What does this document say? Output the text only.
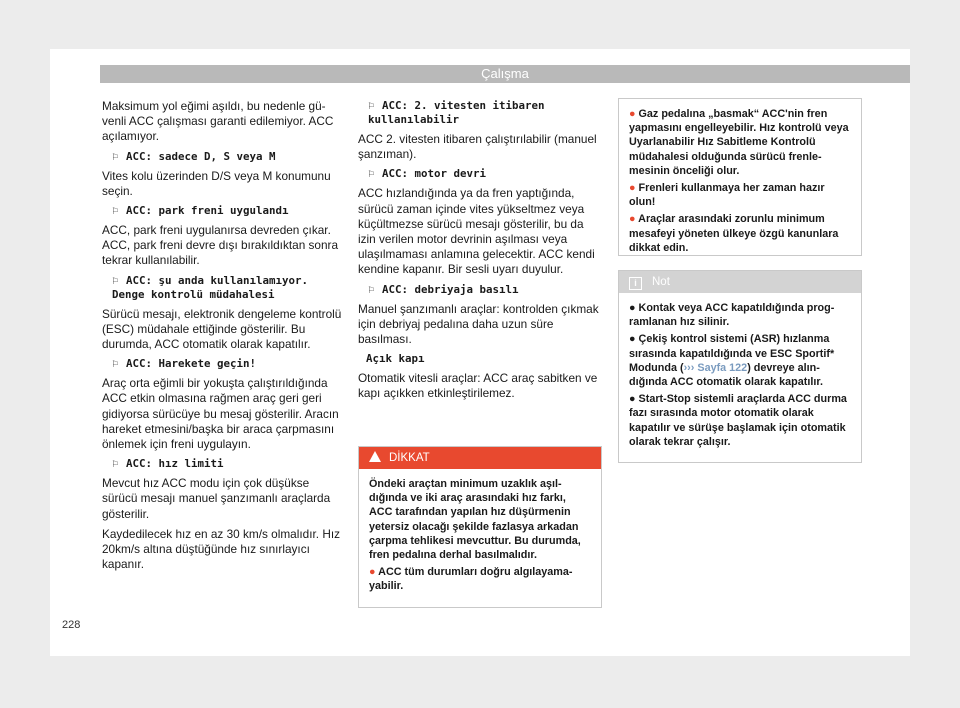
Çalışma

Maksimum yol eğimi aşıldı, bu nedenle güvenli ACC çalışması garanti edilemiyor. ACC açılamıyor.

⚐ ACC: sadece D, S veya M

Vites kolu üzerinden D/S veya M konumunu seçin.

⚐ ACC: park freni uygulandı

ACC, park freni uygulanırsa devreden çıkar. ACC, park freni devre dışı bırakıldıktan sonra tekrar kullanılabilir.

⚐ ACC: şu anda kullanılamıyor. Denge kontrolü müdahalesi

Sürücü mesajı, elektronik dengeleme kontrolü (ESC) müdahale ettiğinde gösterilir. Bu durumda, ACC otomatik olarak kapatılır.

⚐ ACC: Harekete geçin!

Araç orta eğimli bir yokuşta çalıştırıldığında ACC etkin olmasına rağmen araç geri geri gidiyorsa sürücüye bu mesaj gösterilir. Aracın hareket etmesini/başka bir araca çarpmasını önlemek için freni uygulayın.

⚐ ACC: hız limiti

Mevcut hız ACC modu için çok düşükse sürücü mesajı manuel şanzımanlı araçlarda gösterilir.

Kaydedilecek hız en az 30 km/s olmalıdır. Hız 20km/s altına düştüğünde hız sınırlayıcı kapanır.

⚐ ACC: 2. vitesten itibaren kullanılabilir

ACC 2. vitesten itibaren çalıştırılabilir (manuel şanzıman).

⚐ ACC: motor devri

ACC hızlandığında ya da fren yaptığında, sürücü zaman içinde vites yükseltmez veya küçültmezse sürücü mesajı gösterilir, bu da izin verilen motor devrinin aşılması veya ulaşılmaması anlamına gelecektir. ACC kendi kendine kapanır. Bir sesli uyarı duyulur.

⚐ ACC: debriyaja basılı

Manuel şanzımanlı araçlar: kontrolden çıkmak için debriyaj pedalına daha uzun süre basılması.

Açık kapı

Otomatik vitesli araçlar: ACC araç sabitken ve kapı açıkken etkinleştirilemez.

DİKKAT

Öndeki araçtan minimum uzaklık aşıldığında ve iki araç arasındaki hız farkı, ACC tarafından yapılan hız düşürmenin yetersiz olacağı şekilde fazlasya arkadan çarpma tehlikesi mevcuttur. Bu durumda, fren pedalına derhal basılmalıdır.

● ACC tüm durumları doğru algılayamayabilir.

● Gaz pedalına „basmak“ ACC'nin fren yapmasını engelleyebilir. Hız kontrolü veya Uyarlanabilir Hız Sabitleme Kontrolü müdahalesi olduğunda sürücü frenlemesinin önceliği olur.

● Frenleri kullanmaya her zaman hazır olun!

● Araçlar arasındaki zorunlu minimum mesafeyi yöneten ülkeye özgü kanunlara dikkat edin.

i Not

● Kontak veya ACC kapatıldığında programlanan hız silinir.

● Çekiş kontrol sistemi (ASR) hızlanma sırasında kapatıldığında ve ESC Sportif* Modunda (››› Sayfa 122) devreye alındığında ACC otomatik olarak kapatılır.

● Start-Stop sistemli araçlarda ACC durma fazı sırasında motor otomatik olarak kapatılır ve sürüşe başlamak için otomatik olarak tekrar çalışır.

228
